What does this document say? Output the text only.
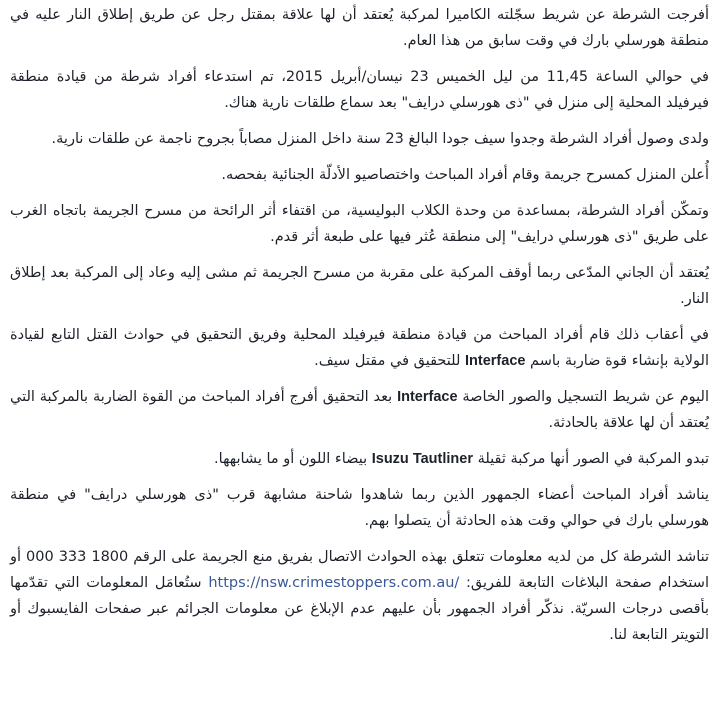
أفرجت الشرطة عن شريط سجّلته الكاميرا لمركبة يُعتقد أن لها علاقة بمقتل رجل عن طريق إطلاق النار عليه في منطقة هورسلي بارك في وقت سابق من هذا العام.

في حوالي الساعة 11,45 من ليل الخميس 23 نيسان/أبريل 2015، تم استدعاء أفراد شرطة من قيادة منطقة فيرفيلد المحلية إلى منزل في "ذى هورسلي درايف" بعد سماع طلقات نارية هناك.

ولدى وصول أفراد الشرطة وجدوا سيف جودا البالغ 23 سنة داخل المنزل مصاباً بجروح ناجمة عن طلقات نارية.

أُعلن المنزل كمسرح جريمة وقام أفراد المباحث واختصاصيو الأدلّة الجنائية بفحصه.

وتمكّن أفراد الشرطة، بمساعدة من وحدة الكلاب البوليسية، من اقتفاء أثر الرائحة من مسرح الجريمة باتجاه الغرب على طريق "ذى هورسلي درايف" إلى منطقة عُثر فيها على طبعة أثر قدم.

يُعتقد أن الجاني المدّعى ربما أوقف المركبة على مقربة من مسرح الجريمة ثم مشى إليه وعاد إلى المركبة بعد إطلاق النار.

في أعقاب ذلك قام أفراد المباحث من قيادة منطقة فيرفيلد المحلية وفريق التحقيق في حوادث القتل التابع لقيادة الولاية بإنشاء قوة ضاربة باسم Interface للتحقيق في مقتل سيف.

اليوم عن شريط التسجيل والصور الخاصة Interface بعد التحقيق أفرج أفراد المباحث من القوة الضاربة بالمركبة التي يُعتقد أن لها علاقة بالحادثة.

تبدو المركبة في الصور أنها مركبة ثقيلة Isuzu Tautliner بيضاء اللون أو ما يشابهها.

يناشد أفراد المباحث أعضاء الجمهور الذين ربما شاهدوا شاحنة مشابهة قرب "ذى هورسلي درايف" في منطقة هورسلي بارك في حوالي وقت هذه الحادثة أن يتصلوا بهم.

تناشد الشرطة كل من لديه معلومات تتعلق بهذه الحوادث الاتصال بفريق منع الجريمة على الرقم 1800 333 000 أو استخدام صفحة البلاغات التابعة للفريق: https://nsw.crimestoppers.com.au/ ستُعامَل المعلومات التي تقدّمها بأقصى درجات السريّة. نذكّر أفراد الجمهور بأن عليهم عدم الإبلاغ عن معلومات الجرائم عبر صفحات الفايسبوك أو التويتر التابعة لنا.
